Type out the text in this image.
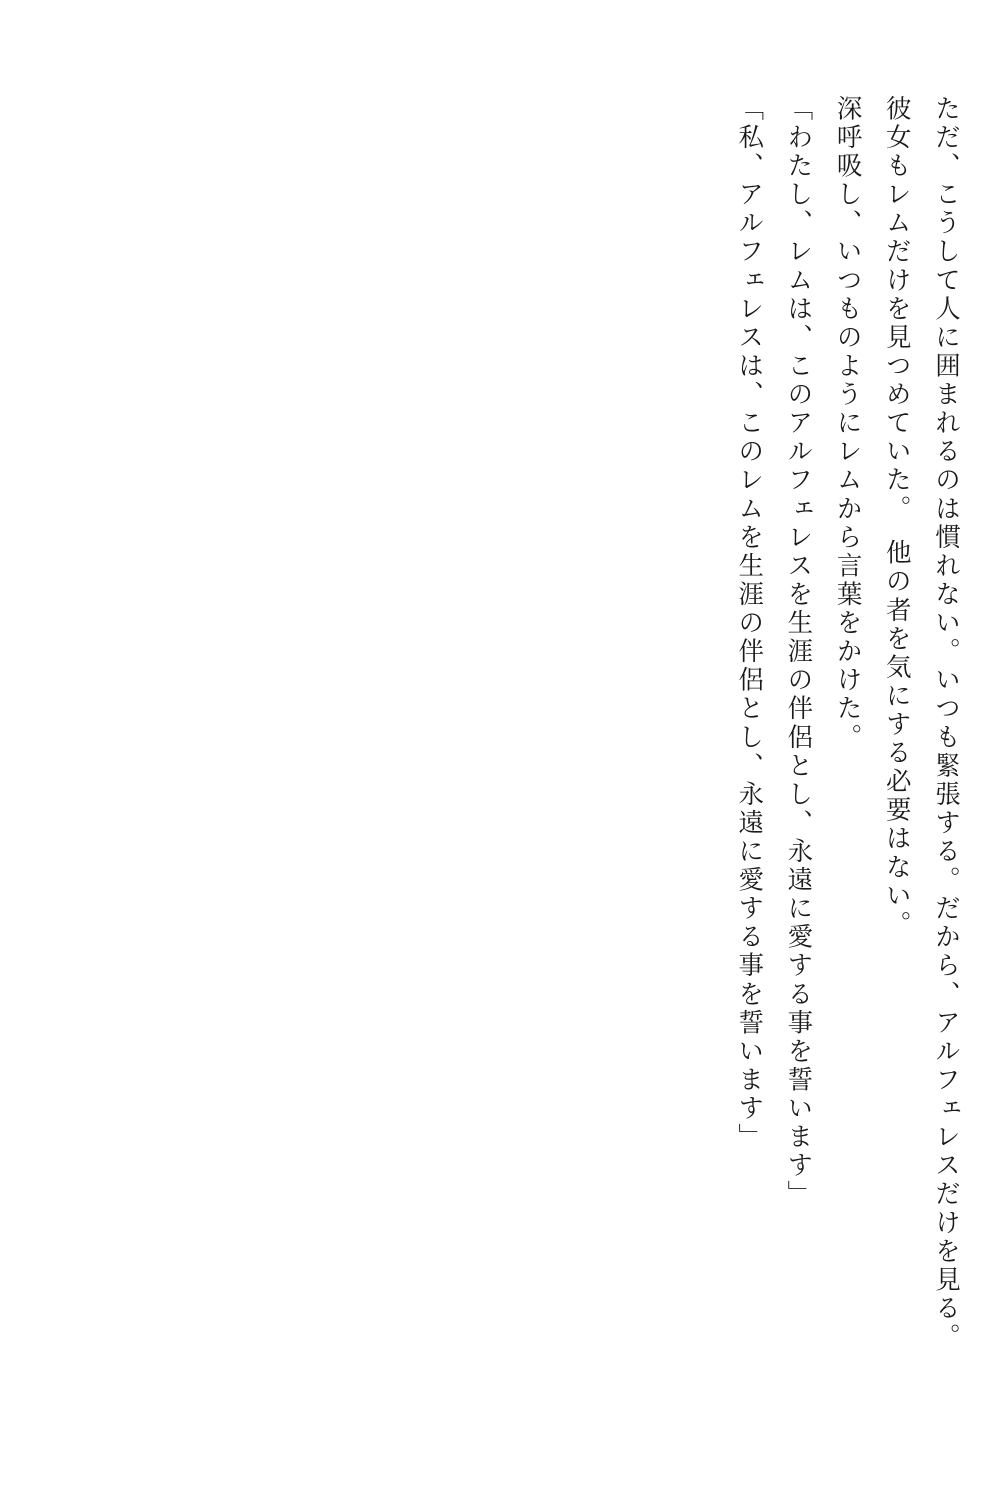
ただ、こうして人に囲まれるのは慣れない。いつも緊張する。だから、アルフェレスだけを見る。

彼女もレムだけを見つめていた。　他の者を気にする必要はない。

深呼吸し、いつものようにレムから言葉をかけた。

「わたし、レムは、このアルフェレスを生涯の伴侶とし、永遠に愛する事を誓います」

「私、アルフェレスは、このレムを生涯の伴侶とし、永遠に愛する事を誓います」
